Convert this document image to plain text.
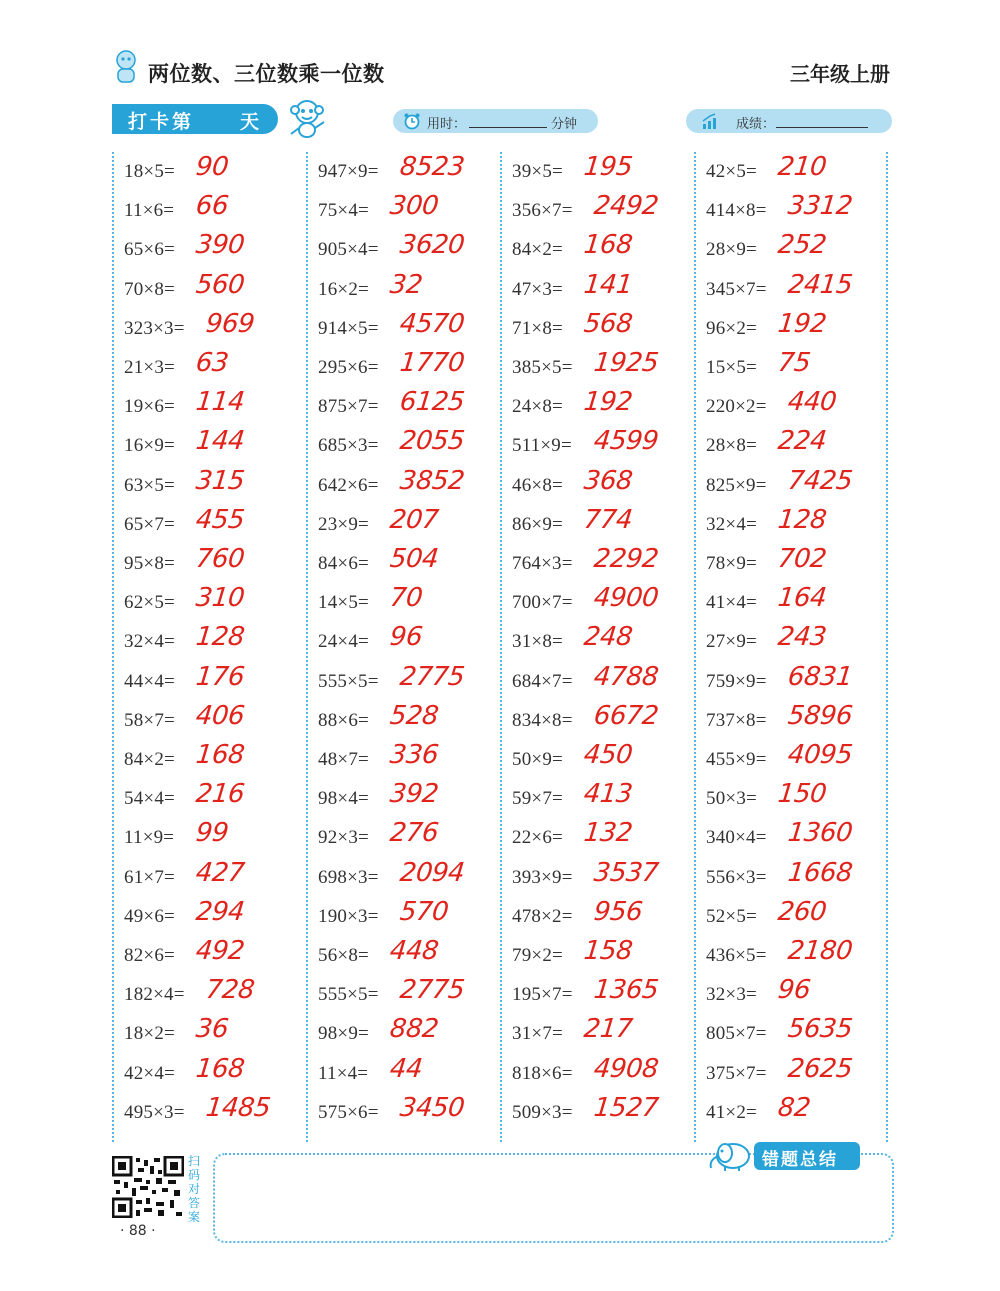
两位数、三位数乘一位数	三年级上册
打卡第 天	用时：	分钟	成绩：
18×5= 90
11×6= 66
65×6= 390
70×8= 560
323×3= 969
21×3= 63
19×6= 114
16×9= 144
63×5= 315
65×7= 455
95×8= 760
62×5= 310
32×4= 128
44×4= 176
58×7= 406
84×2= 168
54×4= 216
11×9= 99
61×7= 427
49×6= 294
82×6= 492
182×4= 728
18×2= 36
42×4= 168
495×3= 1485
947×9= 8523
75×4= 300
905×4= 3620
16×2= 32
914×5= 4570
295×6= 1770
875×7= 6125
685×3= 2055
642×6= 3852
23×9= 207
84×6= 504
14×5= 70
24×4= 96
555×5= 2775
88×6= 528
48×7= 336
98×4= 392
92×3= 276
698×3= 2094
190×3= 570
56×8= 448
555×5= 2775
98×9= 882
11×4= 44
575×6= 3450
39×5= 195
356×7= 2492
84×2= 168
47×3= 141
71×8= 568
385×5= 1925
24×8= 192
511×9= 4599
46×8= 368
86×9= 774
764×3= 2292
700×7= 4900
31×8= 248
684×7= 4788
834×8= 6672
50×9= 450
59×7= 413
22×6= 132
393×9= 3537
478×2= 956
79×2= 158
195×7= 1365
31×7= 217
818×6= 4908
509×3= 1527
42×5= 210
414×8= 3312
28×9= 252
345×7= 2415
96×2= 192
15×5= 75
220×2= 440
28×8= 224
825×9= 7425
32×4= 128
78×9= 702
41×4= 164
27×9= 243
759×9= 6831
737×8= 5896
455×9= 4095
50×3= 150
340×4= 1360
556×3= 1668
52×5= 260
436×5= 2180
32×3= 96
805×7= 5635
375×7= 2625
41×2= 82
扫码对答案
· 88 ·
错题总结
